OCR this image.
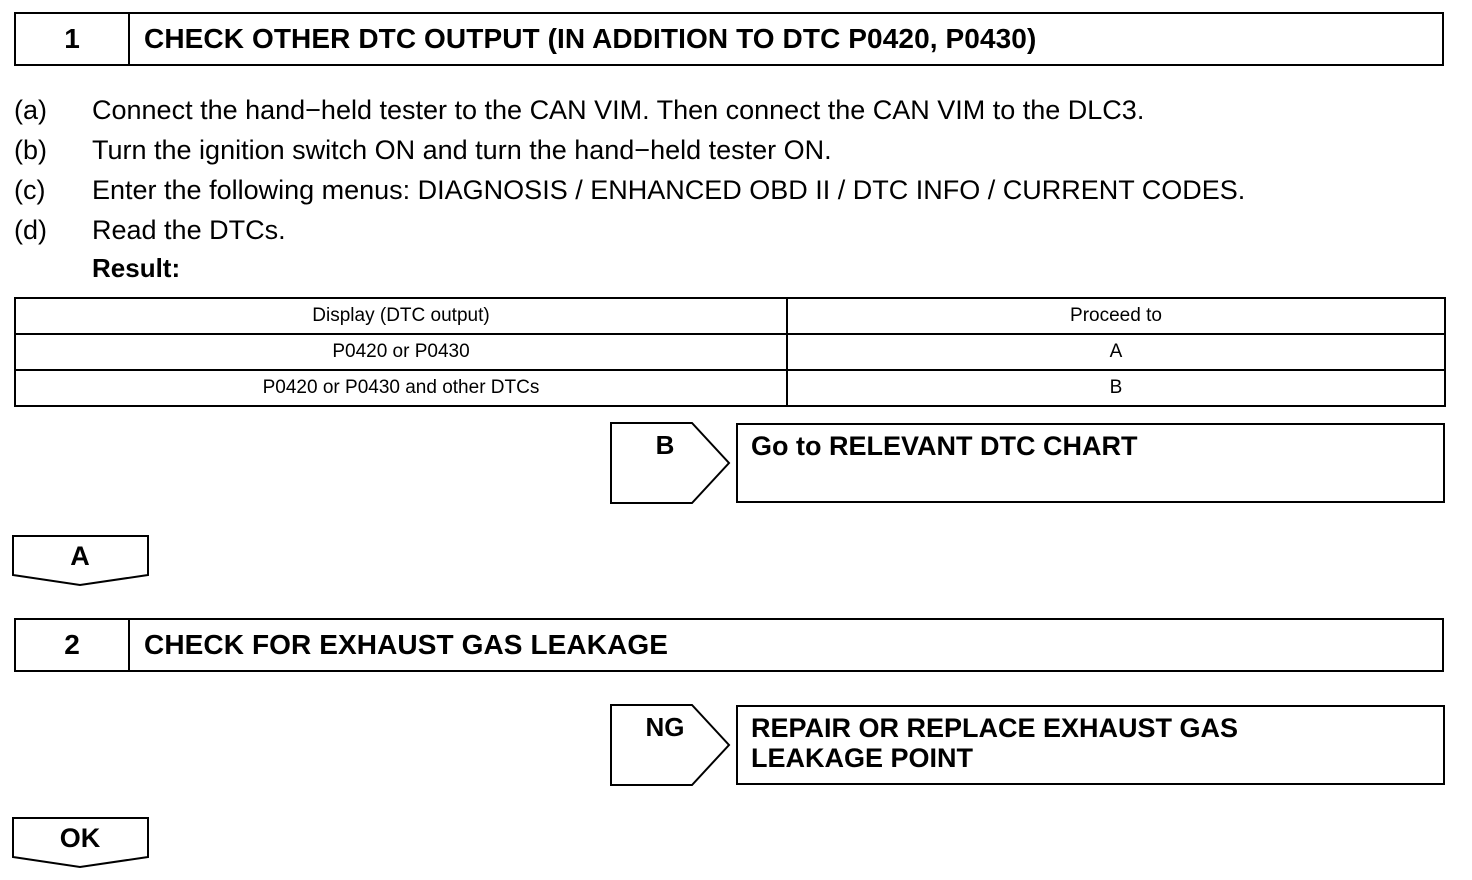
1	CHECK OTHER DTC OUTPUT (IN ADDITION TO DTC P0420, P0430)
(a) Connect the hand−held tester to the CAN VIM. Then connect the CAN VIM to the DLC3.
(b) Turn the ignition switch ON and turn the hand−held tester ON.
(c) Enter the following menus: DIAGNOSIS / ENHANCED OBD II / DTC INFO / CURRENT CODES.
(d) Read the DTCs.
Result:
Display (DTC output)	Proceed to
P0420 or P0430	A
P0420 or P0430 and other DTCs	B
B	Go to RELEVANT DTC CHART
A
2	CHECK FOR EXHAUST GAS LEAKAGE
NG	REPAIR OR REPLACE EXHAUST GAS
LEAKAGE POINT
OK
